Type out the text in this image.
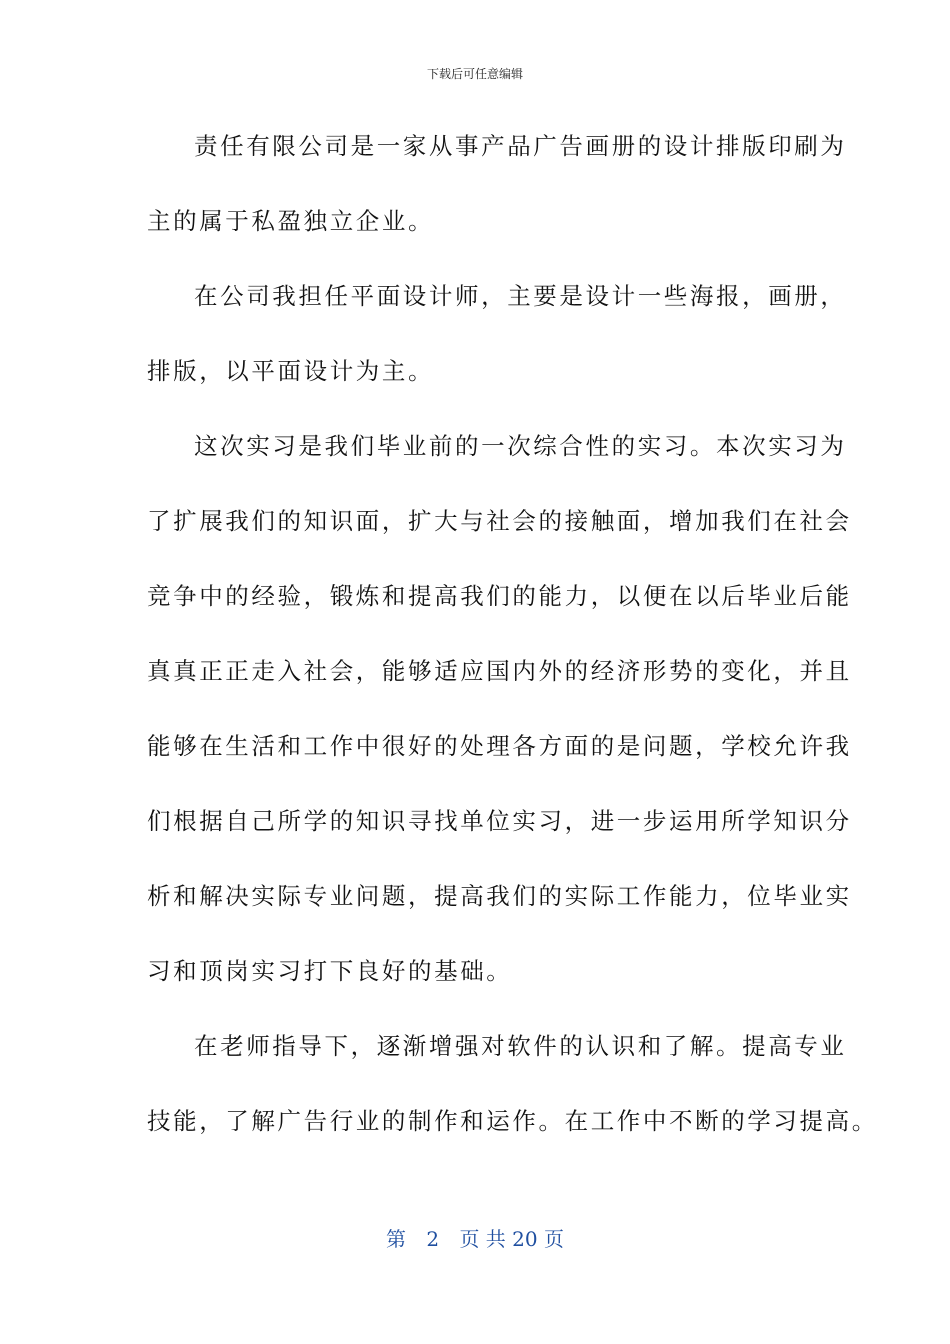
下载后可任意编辑
责任有限公司是一家从事产品广告画册的设计排版印刷为
主的属于私盈独立企业。
在公司我担任平面设计师，主要是设计一些海报，画册，
排版，以平面设计为主。
这次实习是我们毕业前的一次综合性的实习。本次实习为
了扩展我们的知识面，扩大与社会的接触面，增加我们在社会
竞争中的经验，锻炼和提高我们的能力，以便在以后毕业后能
真真正正走入社会，能够适应国内外的经济形势的变化，并且
能够在生活和工作中很好的处理各方面的是问题，学校允许我
们根据自己所学的知识寻找单位实习，进一步运用所学知识分
析和解决实际专业问题，提高我们的实际工作能力，位毕业实
习和顶岗实习打下良好的基础。
在老师指导下，逐渐增强对软件的认识和了解。提高专业
技能，了解广告行业的制作和运作。在工作中不断的学习提高。
第 2 页 共 20 页
